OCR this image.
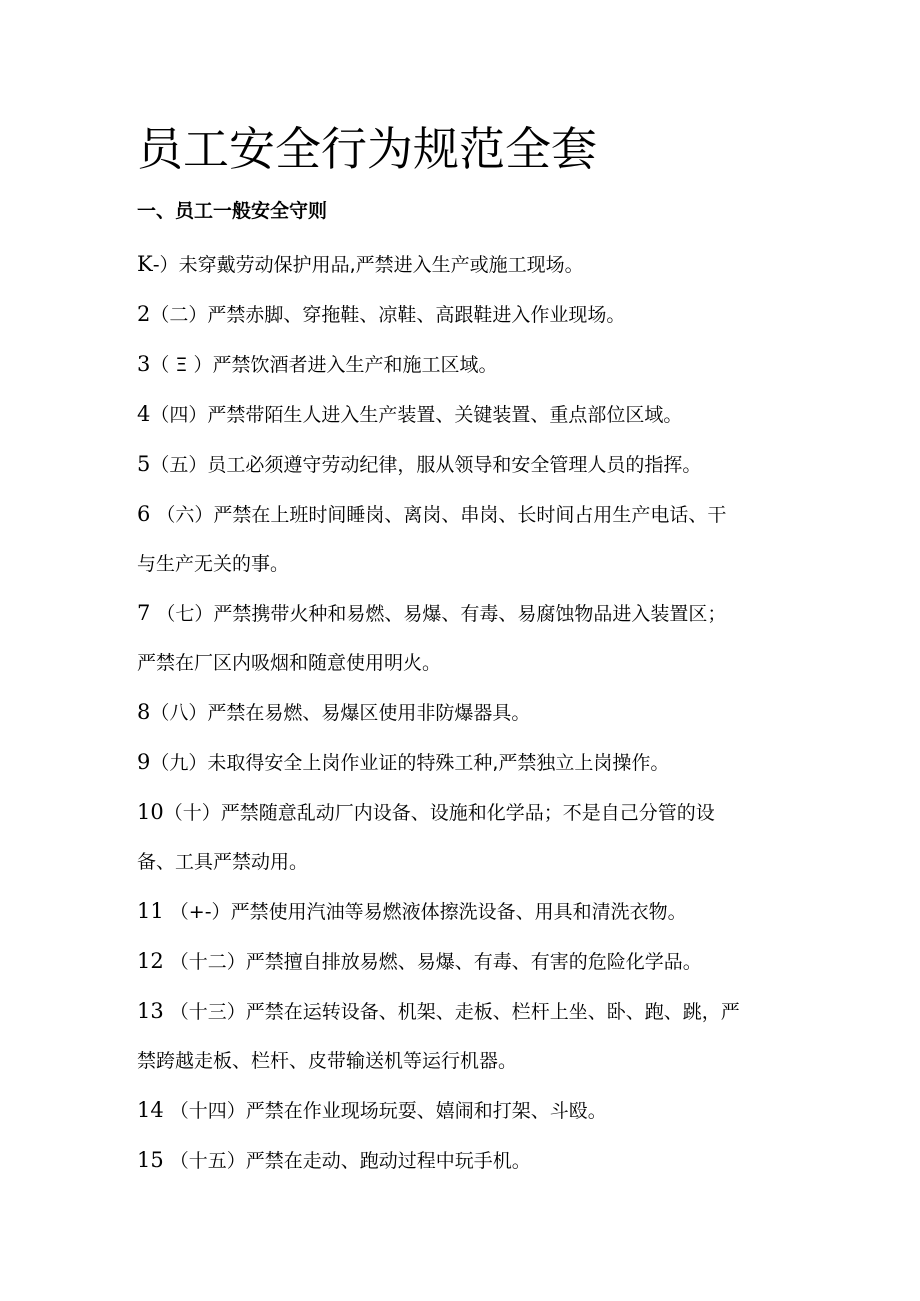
员工安全行为规范全套
一、员工一般安全守则
K-）未穿戴劳动保护用品,严禁进入生产或施工现场。
2（二）严禁赤脚、穿拖鞋、凉鞋、高跟鞋进入作业现场。
3（ Ξ ）严禁饮酒者进入生产和施工区域。
4（四）严禁带陌生人进入生产装置、关键装置、重点部位区域。
5（五）员工必须遵守劳动纪律，服从领导和安全管理人员的指挥。
6 （六）严禁在上班时间睡岗、离岗、串岗、长时间占用生产电话、干
与生产无关的事。
7 （七）严禁携带火种和易燃、易爆、有毒、易腐蚀物品进入装置区；
严禁在厂区内吸烟和随意使用明火。
8（八）严禁在易燃、易爆区使用非防爆器具。
9（九）未取得安全上岗作业证的特殊工种,严禁独立上岗操作。
10（十）严禁随意乱动厂内设备、设施和化学品；不是自己分管的设
备、工具严禁动用。
11 （+-）严禁使用汽油等易燃液体擦洗设备、用具和清洗衣物。
12 （十二）严禁擅自排放易燃、易爆、有毒、有害的危险化学品。
13 （十三）严禁在运转设备、机架、走板、栏杆上坐、卧、跑、跳，严
禁跨越走板、栏杆、皮带输送机等运行机器。
14 （十四）严禁在作业现场玩耍、嬉闹和打架、斗殴。
15 （十五）严禁在走动、跑动过程中玩手机。
